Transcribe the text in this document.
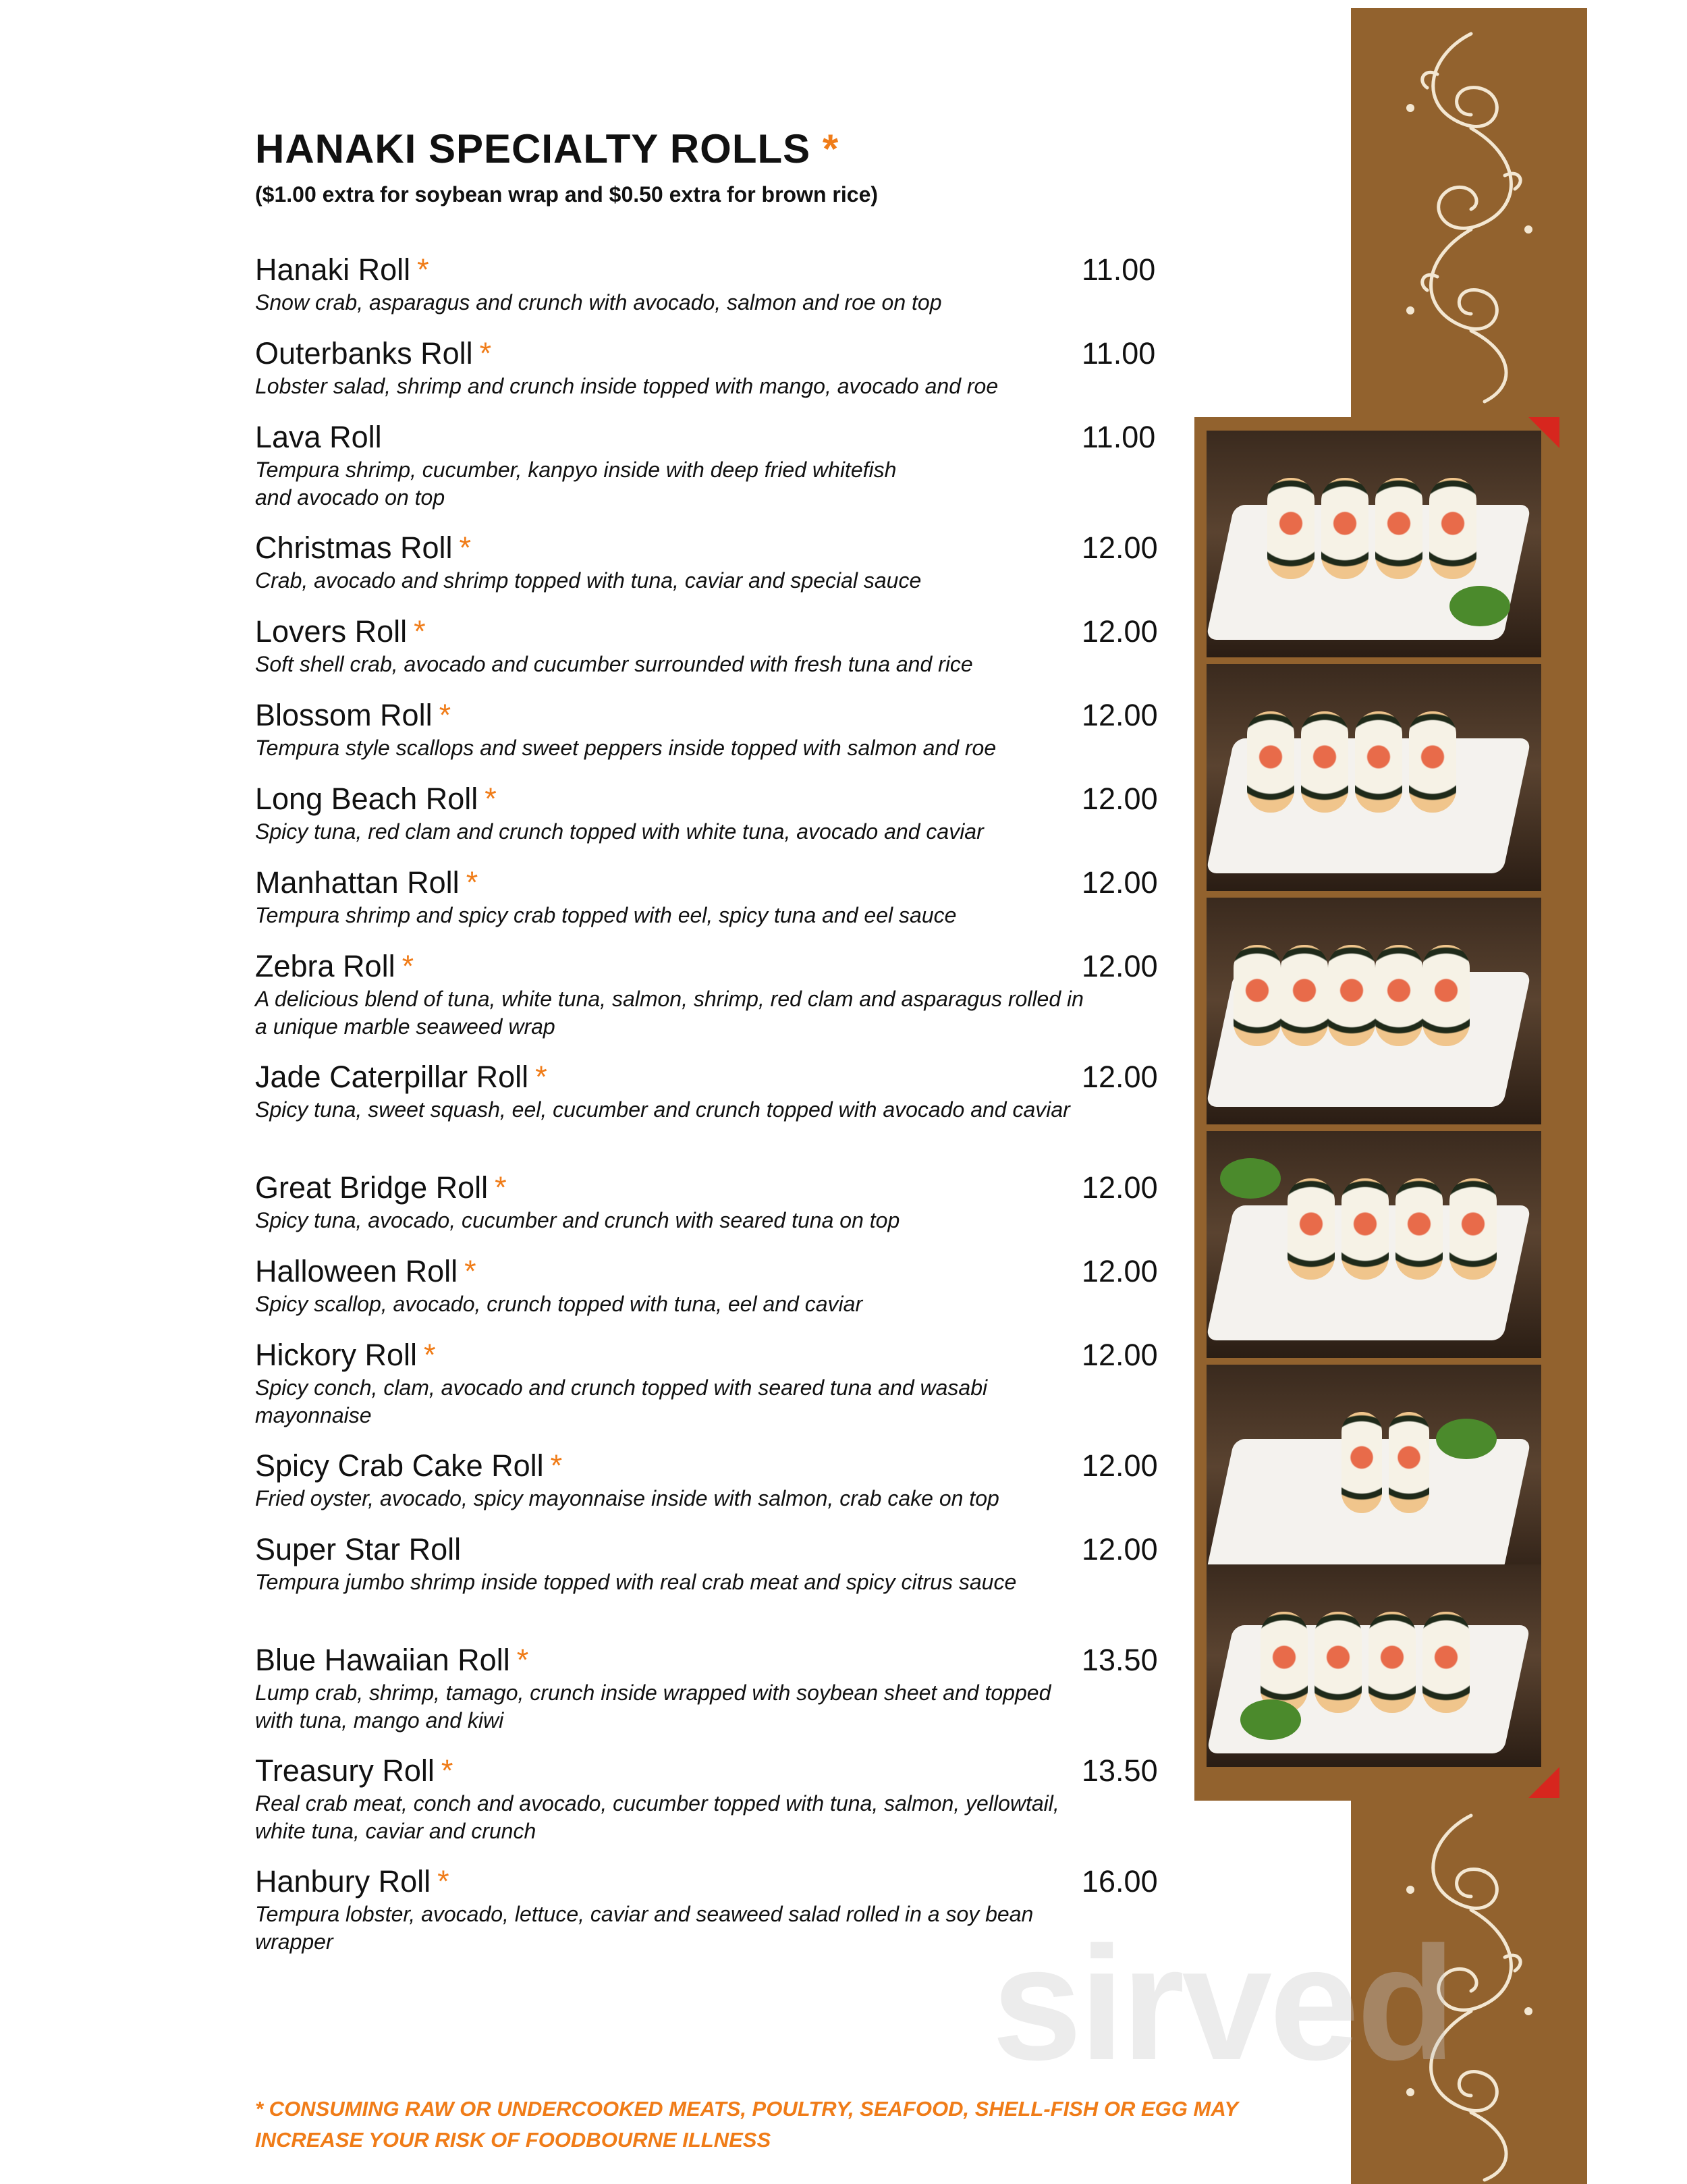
sirved
HANAKI SPECIALTY ROLLS *
($1.00 extra for soybean wrap and $0.50 extra for brown rice)
Hanaki Roll *
Snow crab, asparagus and crunch with avocado, salmon and roe on top
11.00
Outerbanks Roll *
Lobster salad, shrimp and crunch inside topped with mango, avocado and roe
11.00
Lava Roll
Tempura shrimp, cucumber, kanpyo inside with deep fried whitefish and avocado on top
11.00
Christmas Roll *
Crab, avocado and shrimp topped with tuna, caviar and special sauce
12.00
Lovers Roll *
Soft shell crab, avocado and cucumber surrounded with fresh tuna and rice
12.00
Blossom Roll *
Tempura style scallops and sweet peppers inside topped with salmon and roe
12.00
Long Beach Roll *
Spicy tuna, red clam and crunch topped with white tuna, avocado and caviar
12.00
Manhattan Roll *
Tempura shrimp and spicy crab topped with eel, spicy tuna and eel sauce
12.00
Zebra Roll *
A delicious blend of tuna, white tuna, salmon, shrimp, red clam and asparagus rolled in a unique marble seaweed wrap
12.00
Jade Caterpillar Roll *
Spicy tuna, sweet squash, eel, cucumber and crunch topped with avocado and caviar
12.00
Great Bridge Roll *
Spicy tuna, avocado, cucumber and crunch with seared tuna on top
12.00
Halloween Roll *
Spicy scallop, avocado, crunch topped with tuna, eel and caviar
12.00
Hickory Roll *
Spicy conch, clam, avocado and crunch topped with seared tuna and wasabi mayonnaise
12.00
Spicy Crab Cake Roll *
Fried oyster, avocado, spicy mayonnaise inside with salmon, crab cake on top
12.00
Super Star Roll
Tempura jumbo shrimp inside topped with real crab meat and spicy citrus sauce
12.00
Blue Hawaiian Roll *
Lump crab, shrimp, tamago, crunch inside wrapped with soybean sheet and topped with tuna, mango and kiwi
13.50
Treasury Roll *
Real crab meat, conch and avocado, cucumber topped with tuna, salmon, yellowtail, white tuna, caviar and crunch
13.50
Hanbury Roll *
Tempura lobster, avocado, lettuce, caviar and seaweed salad rolled in a soy bean wrapper
16.00
* CONSUMING RAW OR UNDERCOOKED MEATS, POULTRY, SEAFOOD, SHELL-FISH OR EGG MAY INCREASE YOUR RISK OF FOODBOURNE ILLNESS
